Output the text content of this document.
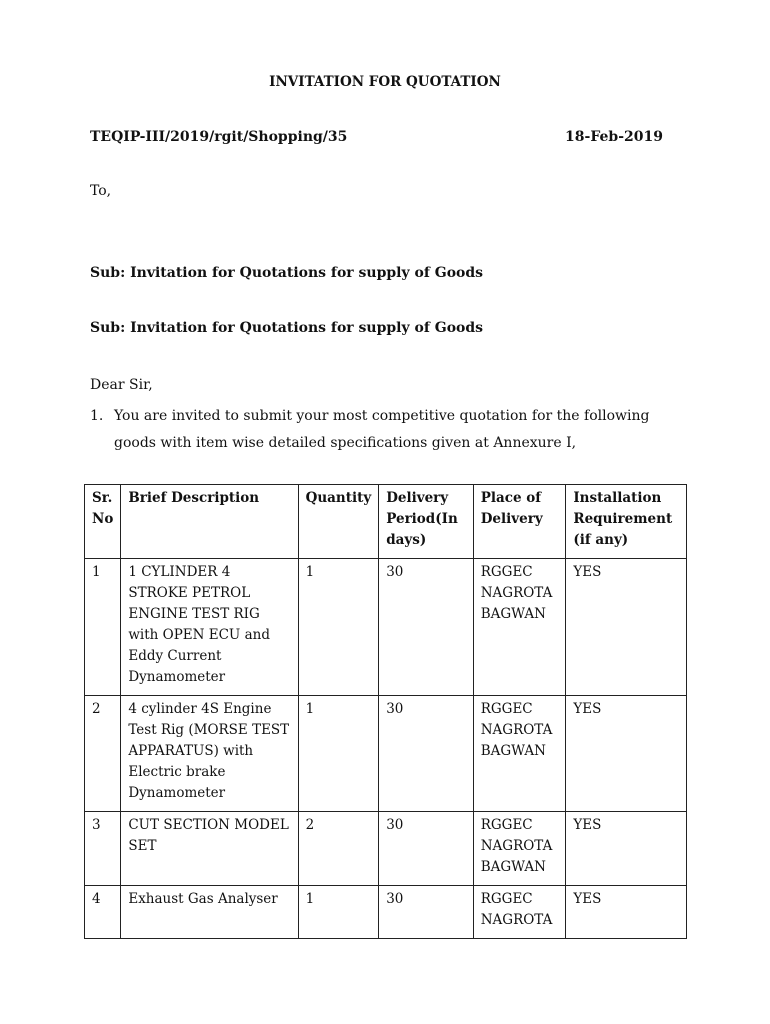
INVITATION FOR QUOTATION
TEQIP-III/2019/rgit/Shopping/35	18-Feb-2019
To,
Sub: Invitation for Quotations for supply of Goods
Sub: Invitation for Quotations for supply of Goods
Dear Sir,
1. You are invited to submit your most competitive quotation for the following goods with item wise detailed specifications given at Annexure I,
Sr. No	Brief Description	Quantity	Delivery Period(In days)	Place of Delivery	Installation Requirement (if any)
1	1 CYLINDER 4 STROKE PETROL ENGINE TEST RIG with OPEN ECU and Eddy Current Dynamometer	1	30	RGGEC NAGROTA BAGWAN	YES
2	4 cylinder 4S Engine Test Rig (MORSE TEST APPARATUS) with Electric brake Dynamometer	1	30	RGGEC NAGROTA BAGWAN	YES
3	CUT SECTION MODEL SET	2	30	RGGEC NAGROTA BAGWAN	YES
4	Exhaust Gas Analyser	1	30	RGGEC NAGROTA	YES
